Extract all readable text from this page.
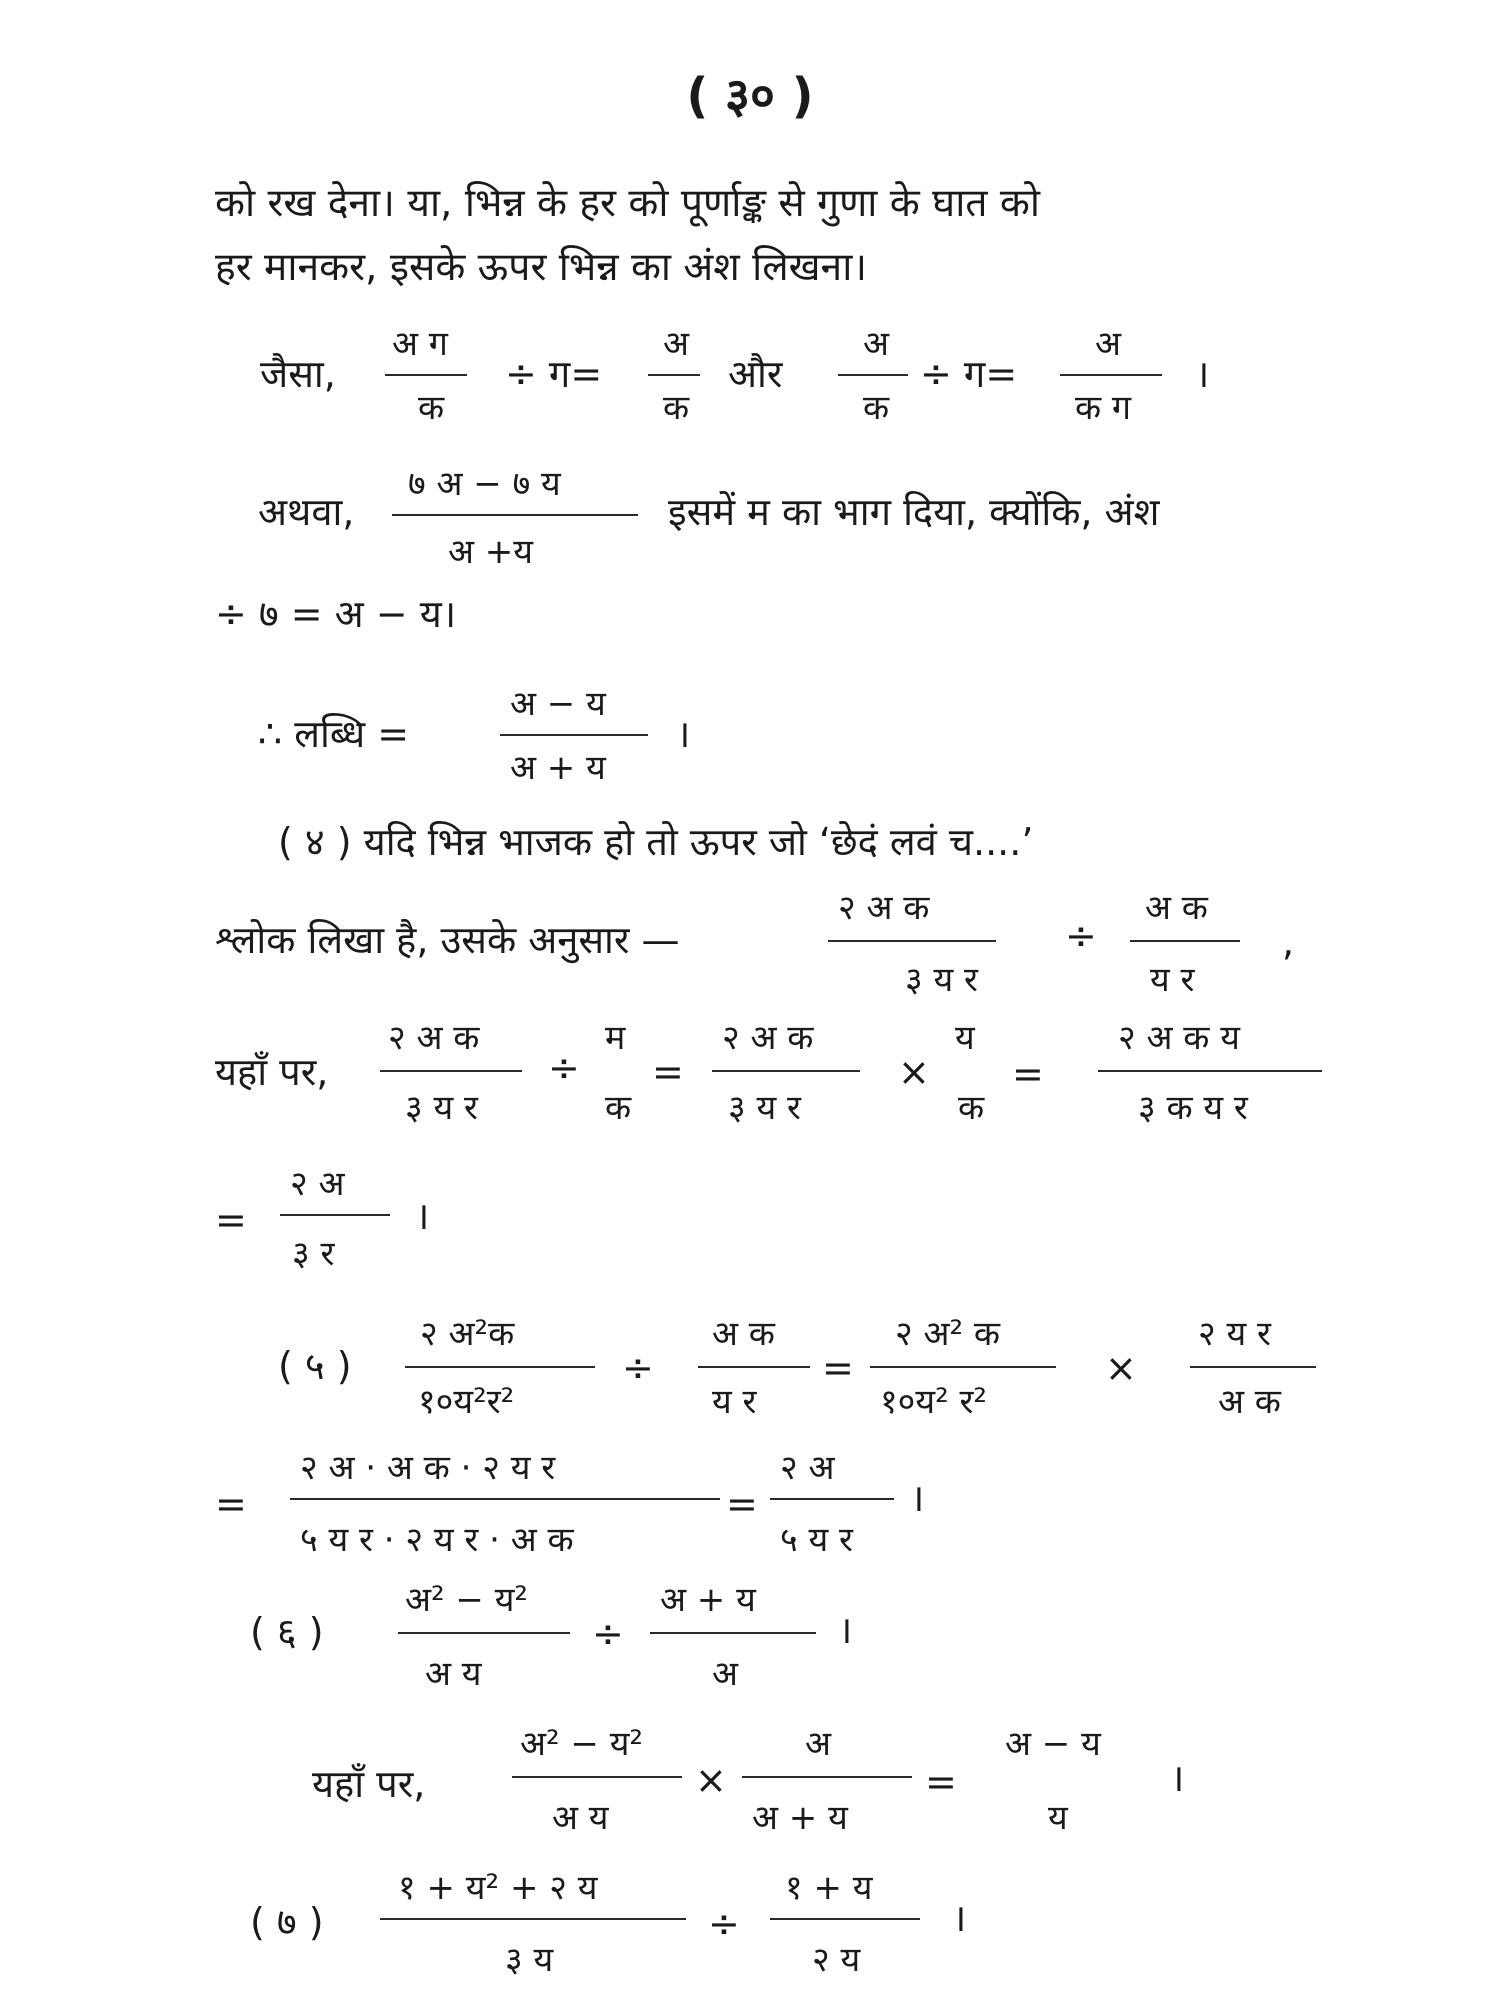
( ३० )
को रख देना। या, भिन्न के हर को पूर्णाङ्क से गुणा के घात को
हर मानकर, इसके ऊपर भिन्न का अंश लिखना।
जैसा,
अ ग
क
÷ ग=
अ
क
और
अ
क
÷ ग=
अ
क ग
।
अथवा,
७ अ − ७ य
अ +य
इसमें म का भाग दिया, क्योंकि, अंश
÷ ७ = अ − य।
∴ लब्धि =
अ − य
अ + य
।
( ४ ) यदि भिन्न भाजक हो तो ऊपर जो ‘छेदं लवं च....’
श्लोक लिखा है, उसके अनुसार —
२ अ क
३ य र
÷
अ क
य र
,
यहाँ पर,
२ अ क
३ य र
÷
म
क
=
२ अ क
३ य र
×
य
क
=
२ अ क य
३ क य र
=
२ अ
३ र
।
( ५ )
२ अ²क
१०य²र²
÷
अ क
य र
=
२ अ² क
१०य² र²
×
२ य र
अ क
=
२ अ · अ क · २ य र
५ य र · २ य र · अ क
=
२ अ
५ य र
।
( ६ )
अ² − य²
अ य
÷
अ + य
अ
।
यहाँ पर,
अ² − य²
अ य
×
अ
अ + य
=
अ − य
य
।
( ७ )
१ + य² + २ य
३ य
÷
१ + य
२ य
।
